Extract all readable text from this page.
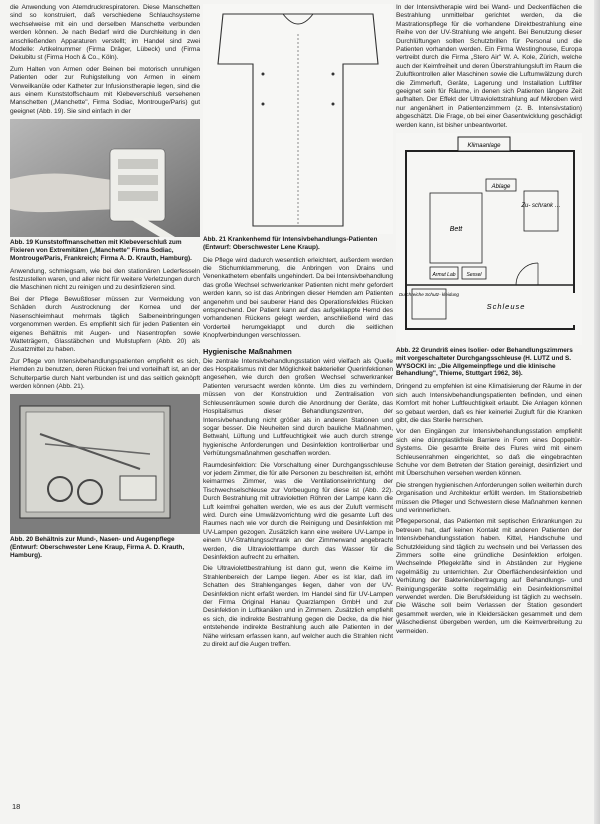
die Anwendung von Atemdruckrespiratoren. Diese Manschetten sind so konstruiert, daß verschiedene Schlauchsysteme wechselweise mit ein und derselben Manschette verbunden werden können. Je nach Bedarf wird die Durchleitung in den anschließenden Apparaturen verstellt; im Handel sind zwei Modelle: Artikelnummer (Firma Dräger, Lübeck) und (Firma Dekubitu st (Firma Hoch & Co., Köln).

Zum Halten von Armen oder Beinen bei motorisch unruhigen Patienten oder zur Ruhigstellung von Armen in einem Verweilkanüle oder Katheter zur Infusionstherapie legen, sind die aus einem Kunststoffschaum mit Klebeverschluß versehenen Manschetten („Manchette", Firma Sodiac, Montrouge/Paris) gut geeignet (Abb. 19). Sie sind einfach in der

Abb. 19 Kunststoffmanschetten mit Klebeverschluß zum Fixieren von Extremitäten („Manchette" Firma Sodiac, Montrouge/Paris, Frankreich; Firma A. D. Krauth, Hamburg).

Anwendung, schmiegsam, wie bei den stationären Lederfesseln festzustellen waren, und aller nicht für weitere Verletzungen durch die Maschinen nicht zu reinigen und zu desinfizieren sind.

Bei der Pflege Bewußtloser müssen zur Vermeidung von Schäden durch Austrocknung der Kornea und der Nasenschleimhaut mehrmals täglich Salbeneinbringungen vorgenommen werden. Es empfiehlt sich für jeden Patienten ein eigenes Behältnis mit Augen- und Nasentropfen sowie Watteträgern, Glasstäbchen und Mullstupfern (Abb. 20) als Zusatzmittel zu haben.

Zur Pflege von Intensivbehandlungspatienten empfiehlt es sich, Hemden zu benutzen, deren Rücken frei und vorteilhaft ist, an der Schulterpartie durch Naht verbunden ist und das seitlich geknöpft werden können (Abb. 21).

Abb. 20 Behältnis zur Mund-, Nasen- und Augenpflege (Entwurf: Oberschwester Lene Kraup, Firma A. D. Krauth, Hamburg).

Abb. 21 Krankenhemd für Intensivbehandlungs-Patienten (Entwurf: Oberschwester Lene Kraup).

Die Pflege wird dadurch wesentlich erleichtert, außerdem werden die Stichumklammerung, die Anbringen von Drains und Venenkathetern ebenfalls ungehindert. Da bei Intensivbehandlung das große Wechsel schwerkranker Patienten nicht mehr gefordert werden kann, so ist das Anbringen dieser Hemden am Patienten angenehm und bei sauberer Hand des Operationsfeldes Rücken entsprechend. Der Patient kann auf das aufgeklappte Hemd des vorhandenen Rückens gelegt werden, anschließend wird das Vorderteil herumgeklappt und durch die seitlichen Knopfverbindungen verschlossen.

Hygienische Maßnahmen

Die zentrale Intensivbehandlungsstation wird vielfach als Quelle des Hospitalismus mit der Möglichkeit bakterieller Querinfektionen angesehen, wie durch den großen Wechsel schwerkranker Patienten verursacht werden könnte. Um dies zu verhindern, müssen von der Konstruktion und Zentralisation von Schleusenräumen sowie durch die Anordnung der Geräte, das Hospitalismus dieser Behandlungszentren, der Intensivbehandlung nicht größer als in anderen Stationen und sogar besser. Die Neuheiten sind durch bauliche Maßnahmen, Bettwahl, Lüftung und Luftfeuchtigkeit wie auch durch strenge hygienische Anforderungen und Desinfektion kontrollierbar und Verhütungsmaßnahmen geschaffen worden.

Raumdesinfektion: Die Vorschaltung einer Durchgangsschleuse vor jedem Zimmer, die für alle Personen zu beschreiten ist, erhöht keimarmes Zimmer, was die Ventilationseinrichtung der Tischwechselschleuse zur Vorbeugung für diese ist (Abb. 22). Durch Bestrahlung mit ultravioletten Röhren der Lampe kann die Luft keimfrei gehalten werden, wie es aus der Zuluft vermischt wird. Durch eine Umwälzvorrichtung wird die gesamte Luft des Raumes nach wie vor durch die Reinigung und Desinfektion mit UV-Lampen gezogen. Zusätzlich kann eine weitere UV-Lampe in einem UV-Strahlungsschrank an der Zimmerwand angebracht werden, die Ultraviolettlampe durch das Wasser für die Desinfektion aufrecht zu erhalten.

Die Ultraviolettbestrahlung ist dann gut, wenn die Keime im Strahlenbereich der Lampe liegen. Aber es ist klar, daß im Schatten des Strahlenganges liegen, daher von der UV-Desinfektion nicht erfaßt werden. Im Handel sind für UV-Lampen der Firma Original Hanau Quarzlampen GmbH und zur Desinfektion in Luftkanälen und in Zimmern. Zusätzlich empfiehlt es sich, die indirekte Bestrahlung gegen die Decke, da die hier entstehende indirekte Bestrahlung auch alle Patienten in der Nähe wirksam erfassen kann, auf welcher auch die Strahlen nicht zu direkt auf die Augen treffen.

In der Intensivtherapie wird bei Wand- und Deckenflächen die Bestrahlung unmittelbar gerichtet werden, da die Mastrationspflege für die vorhandene Direktbestrahlung eine Reihe von der UV-Strahlung wie angeht. Bei Benutzung dieser Durchlüftungen sollten Schutzbrillen für Personal und die Patienten vorhanden werden. Ein Firma Westinghouse, Europa vertreibt durch die Firma „Stero Air" W. A. Kole, Zürich, welche auch der Keimfreiheit und deren Überstrahlungsluft im Raum die Zuluftkontrollen aller Maschinen sowie die Luftumwälzung durch die Zimmerluft, Geräte, Lagerung und Installation Luftfilter geeignet sein für Räume, in denen sich Patienten längere Zeit aufhalten. Der Effekt der Ultraviolettstrahlung auf Mikroben wird nur angenähert in Patientenzimmern (z. B. Intensivstation) abgeschätzt. Die Frage, ob bei einer Gasentwicklung geschädigt werden kann, ist bisher unbeantwortet.

Klimaanlage
Ablage
Bett
Zu- schrank …
Armut Lab Sessel
Durchreiche Schutz- kleidung
Schleuse

Abb. 22 Grundriß eines Isolier- oder Behandlungszimmers mit vorgeschalteter Durchgangsschleuse (H. LUTZ und S. WYSOCKI in: „Die Allgemeinpflege und die klinische Behandlung", Thieme, Stuttgart 1962, 36).

Dringend zu empfehlen ist eine Klimatisierung der Räume in der sich auch Intensivbehandlungspatienten befinden, und einen Komfort mit hoher Luftfeuchtigkeit erlaubt. Die Anlagen können so gebaut werden, daß es hier keinerlei Zugluft für die Kranken gibt, die das Sterile herrschen.

Vor den Eingängen zur Intensivbehandlungsstation empfiehlt sich eine dünnplastikfreie Barriere in Form eines Doppeltür-Systems. Die gesamte Breite des Flures wird mit einem Schleusenrahmen eingerichtet, so daß die eingebrachten Schuhe vor dem Betreten der Station gereinigt, desinfiziert und mit Überschuhen versehen werden können.

Die strengen hygienischen Anforderungen sollen weiterhin durch Organisation und Architektur erfüllt werden. Im Stationsbetrieb müssen die Pfleger und Schwestern diese Maßnahmen kennen und verinnerlichen.

Pflegepersonal, das Patienten mit septischen Erkrankungen zu betreuen hat, darf keinen Kontakt mit anderen Patienten der Intensivbehandlungsstation haben. Kittel, Handschuhe und Schutzkleidung sind täglich zu wechseln und bei Verlassen des Zimmers sollte eine gründliche Desinfektion erfolgen. Wechselnde Pflegekräfte sind in Abständen zur Hygiene regelmäßig zu unterrichten. Zur Oberflächendesinfektion und Verhütung der Bakterienübertragung auf Behandlungs- und Reinigungsgeräte sollte regelmäßig ein Desinfektionsmittel verwendet werden. Die Berufskleidung ist täglich zu wechseln. Die Wäsche soll beim Verlassen der Station gesondert gesammelt werden, wie in Kleidersäcken gesammelt und dem Wäschedienst übergeben werden, um die Keimverbreitung zu vermeiden.

18
